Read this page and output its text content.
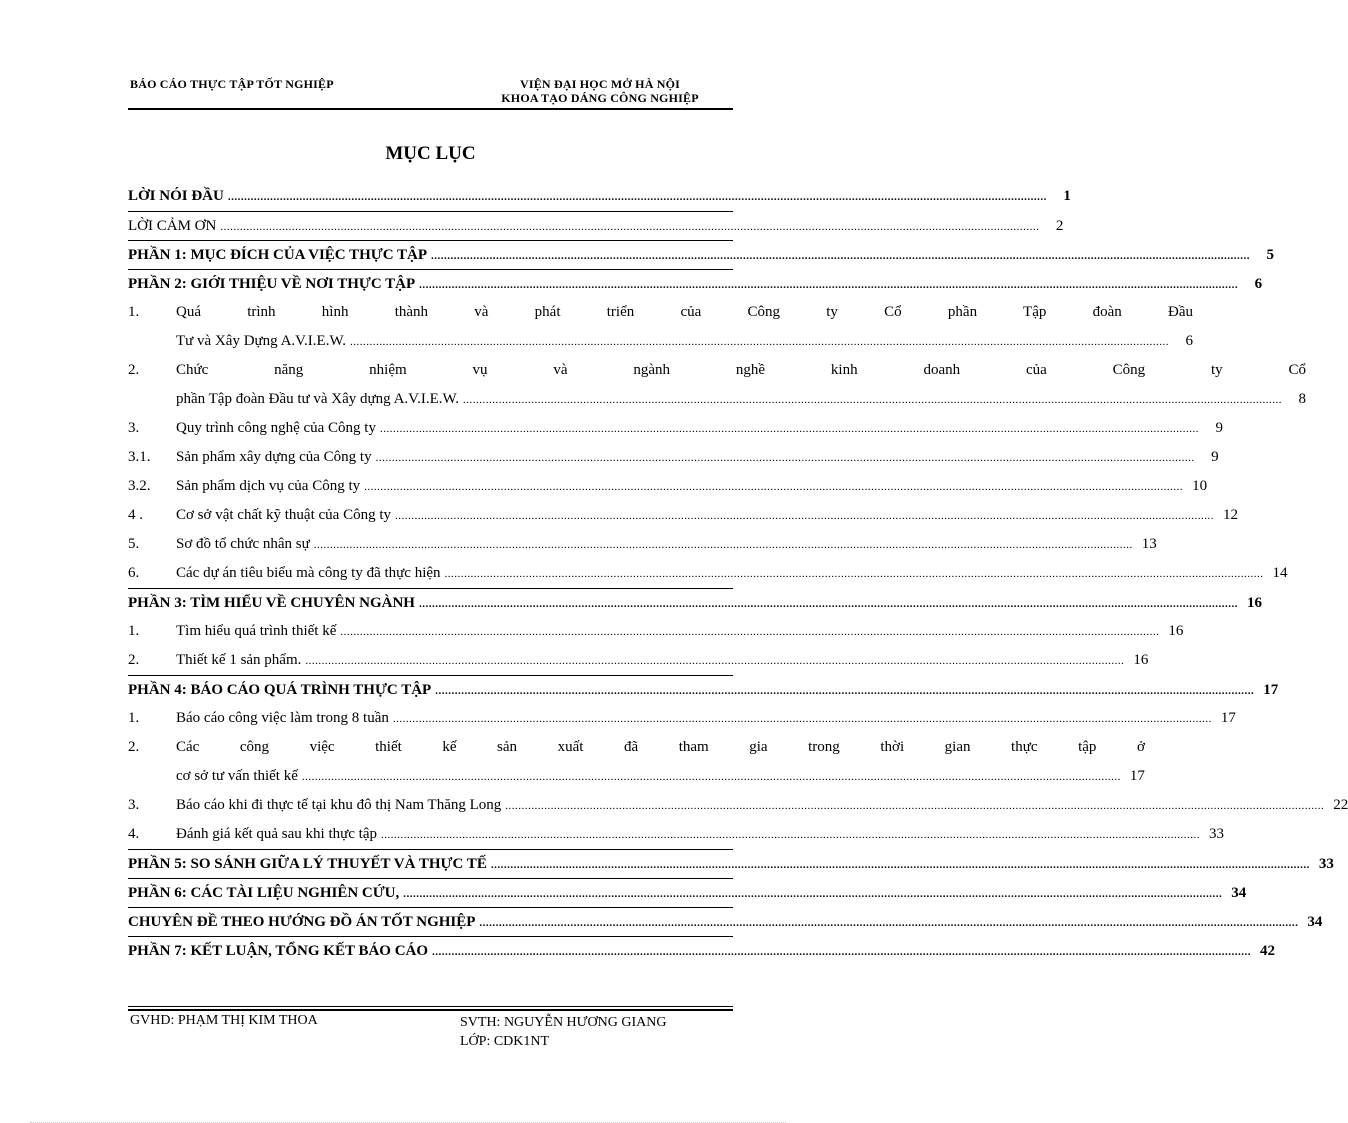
BÁO CÁO THỰC TẬP TỐT NGHIỆP	VIỆN ĐẠI HỌC MỞ HÀ NỘI
KHOA TẠO DÁNG CÔNG NGHIỆP
MỤC LỤC
LỜI NÓI ĐẦU .....	1
LỜI CẢM ƠN .....	2
PHẦN 1: MỤC ĐÍCH CỦA VIỆC THỰC TẬP .....	5
PHẦN 2: GIỚI THIỆU VỀ NƠI THỰC TẬP .....	6
1.	Quá trình hình thành và phát triển của Công ty Cổ phần Tập đoàn Đầu
Tư và Xây Dựng A.V.I.E.W. .....	6
2.	Chức năng nhiệm vụ và ngành nghề kinh doanh của Công ty Cổ
phần Tập đoàn Đầu tư và Xây dựng A.V.I.E.W. .....	8
3.	Quy trình công nghệ của Công ty .....	9
3.1.	Sản phẩm xây dựng của Công ty .....	9
3.2.	Sản phẩm dịch vụ của Công ty .....	10
4 .	Cơ sở vật chất kỹ thuật của Công ty .....	12
5.	Sơ đồ tổ chức nhân sự .....	13
6.	Các dự án tiêu biểu mà công ty đã thực hiện .....	14
PHẦN 3: TÌM HIỂU VỀ CHUYÊN NGÀNH .....	16
1.	Tìm hiểu quá trình thiết kế .....	16
2.	Thiết kế 1 sản phẩm. .....	16
PHẦN 4: BÁO CÁO QUÁ TRÌNH THỰC TẬP .....	17
1.	Báo cáo công việc làm trong 8 tuần .....	17
2.	Các công việc thiết kế sản xuất đã tham gia trong thời gian thực tập ở
cơ sở tư vấn thiết kế .....	17
3.	Báo cáo khi đi thực tế tại khu đô thị Nam Thăng Long .....	22
4.	Đánh giá kết quả sau khi thực tập .....	33
PHẦN 5: SO SÁNH GIỮA LÝ THUYẾT VÀ THỰC TẾ .....	33
PHẦN 6: CÁC TÀI LIỆU NGHIÊN CỨU, .....	34
CHUYÊN ĐỀ THEO HƯỚNG ĐỒ ÁN TỐT NGHIỆP .....	34
PHẦN 7: KẾT LUẬN, TỔNG KẾT BÁO CÁO .....	42
GVHD: PHẠM THỊ KIM THOA	SVTH: NGUYỄN HƯƠNG GIANG
LỚP: CDK1NT
